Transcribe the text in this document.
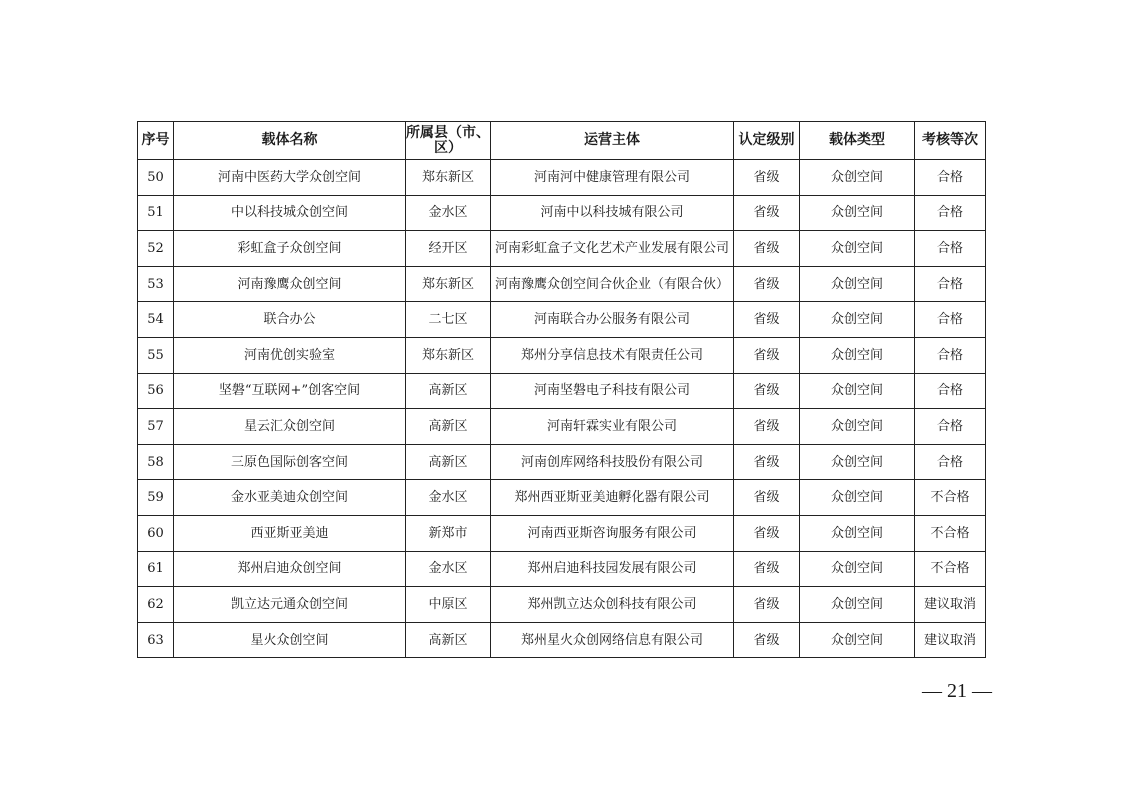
序号	载体名称	所属县（市、区）	运营主体	认定级别	载体类型	考核等次
50	河南中医药大学众创空间	郑东新区	河南河中健康管理有限公司	省级	众创空间	合格
51	中以科技城众创空间	金水区	河南中以科技城有限公司	省级	众创空间	合格
52	彩虹盒子众创空间	经开区	河南彩虹盒子文化艺术产业发展有限公司	省级	众创空间	合格
53	河南豫鹰众创空间	郑东新区	河南豫鹰众创空间合伙企业（有限合伙）	省级	众创空间	合格
54	联合办公	二七区	河南联合办公服务有限公司	省级	众创空间	合格
55	河南优创实验室	郑东新区	郑州分享信息技术有限责任公司	省级	众创空间	合格
56	坚磐“互联网+”创客空间	高新区	河南坚磐电子科技有限公司	省级	众创空间	合格
57	星云汇众创空间	高新区	河南轩霖实业有限公司	省级	众创空间	合格
58	三原色国际创客空间	高新区	河南创库网络科技股份有限公司	省级	众创空间	合格
59	金水亚美迪众创空间	金水区	郑州西亚斯亚美迪孵化器有限公司	省级	众创空间	不合格
60	西亚斯亚美迪	新郑市	河南西亚斯咨询服务有限公司	省级	众创空间	不合格
61	郑州启迪众创空间	金水区	郑州启迪科技园发展有限公司	省级	众创空间	不合格
62	凯立达元通众创空间	中原区	郑州凯立达众创科技有限公司	省级	众创空间	建议取消
63	星火众创空间	高新区	郑州星火众创网络信息有限公司	省级	众创空间	建议取消
— 21 —
